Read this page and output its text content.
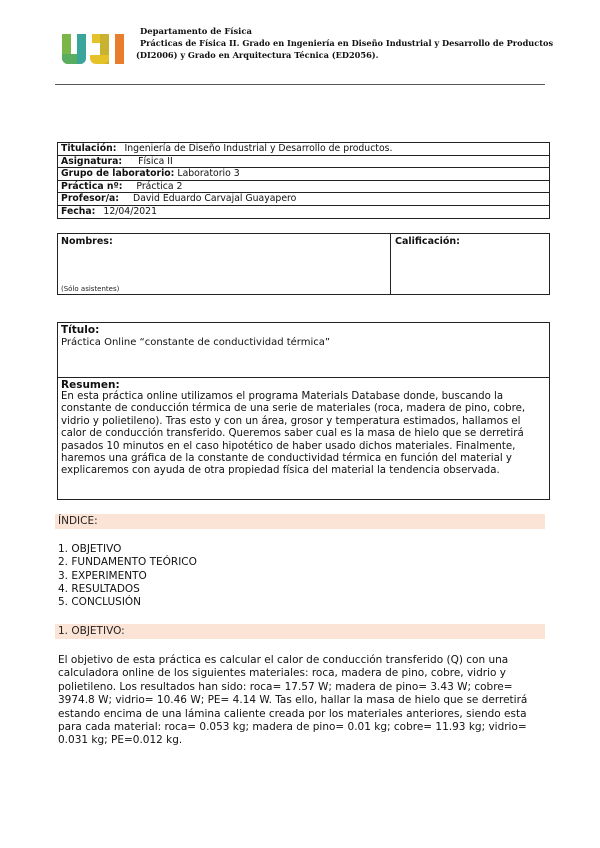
Departamento de Física
Prácticas de Física II. Grado en Ingeniería en Diseño Industrial y Desarrollo de Productos
(DI2006) y Grado en Arquitectura Técnica (ED2056).
Titulación: Ingeniería de Diseño Industrial y Desarrollo de productos.
Asignatura: Física II
Grupo de laboratorio: Laboratorio 3
Práctica nº: Práctica 2
Profesor/a: David Eduardo Carvajal Guayapero
Fecha: 12/04/2021
Nombres:
(Sólo asistentes)
Calificación:
Título:
Práctica Online “constante de conductividad térmica”
Resumen:
En esta práctica online utilizamos el programa Materials Database donde, buscando la constante de conducción térmica de una serie de materiales (roca, madera de pino, cobre, vidrio y polietileno). Tras esto y con un área, grosor y temperatura estimados, hallamos el calor de conducción transferido. Queremos saber cual es la masa de hielo que se derretirá pasados 10 minutos en el caso hipotético de haber usado dichos materiales. Finalmente, haremos una gráfica de la constante de conductividad térmica en función del material y explicaremos con ayuda de otra propiedad física del material la tendencia observada.
ÍNDICE:
1. OBJETIVO
2. FUNDAMENTO TEÓRICO
3. EXPERIMENTO
4. RESULTADOS
5. CONCLUSIÓN
1. OBJETIVO:
El objetivo de esta práctica es calcular el calor de conducción transferido (Q) con una calculadora online de los siguientes materiales: roca, madera de pino, cobre, vidrio y polietileno. Los resultados han sido: roca= 17.57 W; madera de pino= 3.43 W; cobre= 3974.8 W; vidrio= 10.46 W; PE= 4.14 W. Tas ello, hallar la masa de hielo que se derretirá estando encima de una lámina caliente creada por los materiales anteriores, siendo esta para cada material: roca= 0.053 kg; madera de pino= 0.01 kg; cobre= 11.93 kg; vidrio= 0.031 kg; PE=0.012 kg.
